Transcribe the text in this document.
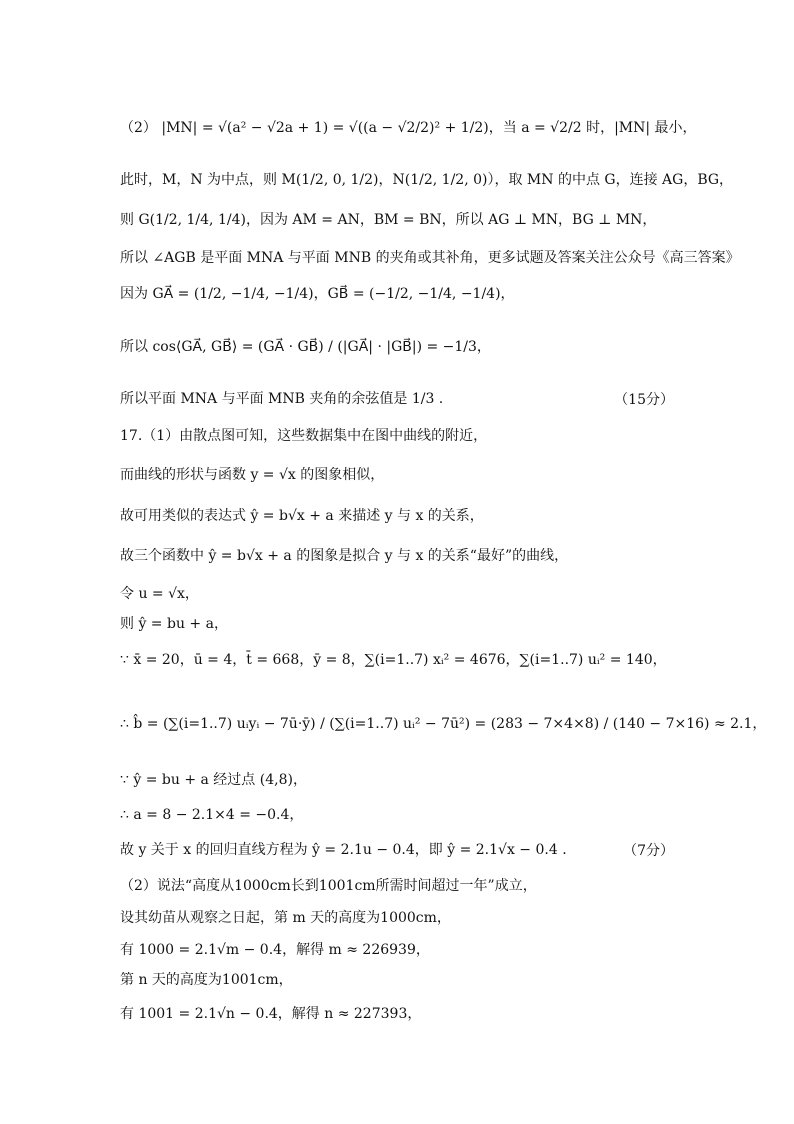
（2） |MN| = √(a² − √2a + 1) = √((a − √2/2)² + 1/2)，当 a = √2/2 时，|MN| 最小，
此时，M，N 为中点，则 M(1/2, 0, 1/2)，N(1/2, 1/2, 0)），取 MN 的中点 G，连接 AG，BG，
则 G(1/2, 1/4, 1/4)，因为 AM = AN，BM = BN，所以 AG ⊥ MN，BG ⊥ MN，
所以 ∠AGB 是平面 MNA 与平面 MNB 的夹角或其补角，更多试题及答案关注公众号《高三答案》
因为 GA⃗ = (1/2, −1/4, −1/4)，GB⃗ = (−1/2, −1/4, −1/4)，
所以 cos⟨GA⃗, GB⃗⟩ = (GA⃗ · GB⃗) / (|GA⃗| · |GB⃗|) = −1/3，
所以平面 MNA 与平面 MNB 夹角的余弦值是 1/3 .	（15分）
17.（1）由散点图可知，这些数据集中在图中曲线的附近，
而曲线的形状与函数 y = √x 的图象相似，
故可用类似的表达式 ŷ = b√x + a 来描述 y 与 x 的关系，
故三个函数中 ŷ = b√x + a 的图象是拟合 y 与 x 的关系“最好”的曲线，
令 u = √x，
则 ŷ = bu + a，
∵ x̄ = 20，ū = 4，t̄ = 668，ȳ = 8，∑(i=1..7) xᵢ² = 4676，∑(i=1..7) uᵢ² = 140，
∴ b̂ = (∑(i=1..7) uᵢyᵢ − 7ū·ȳ) / (∑(i=1..7) uᵢ² − 7ū²) = (283 − 7×4×8) / (140 − 7×16) ≈ 2.1，
∵ ŷ = bu + a 经过点 (4,8)，
∴ a = 8 − 2.1×4 = −0.4，
故 y 关于 x 的回归直线方程为 ŷ = 2.1u − 0.4，即 ŷ = 2.1√x − 0.4 .	（7分）
（2）说法“高度从1000cm长到1001cm所需时间超过一年”成立，
设其幼苗从观察之日起，第 m 天的高度为1000cm，
有 1000 = 2.1√m − 0.4，解得 m ≈ 226939，
第 n 天的高度为1001cm，
有 1001 = 2.1√n − 0.4，解得 n ≈ 227393，
